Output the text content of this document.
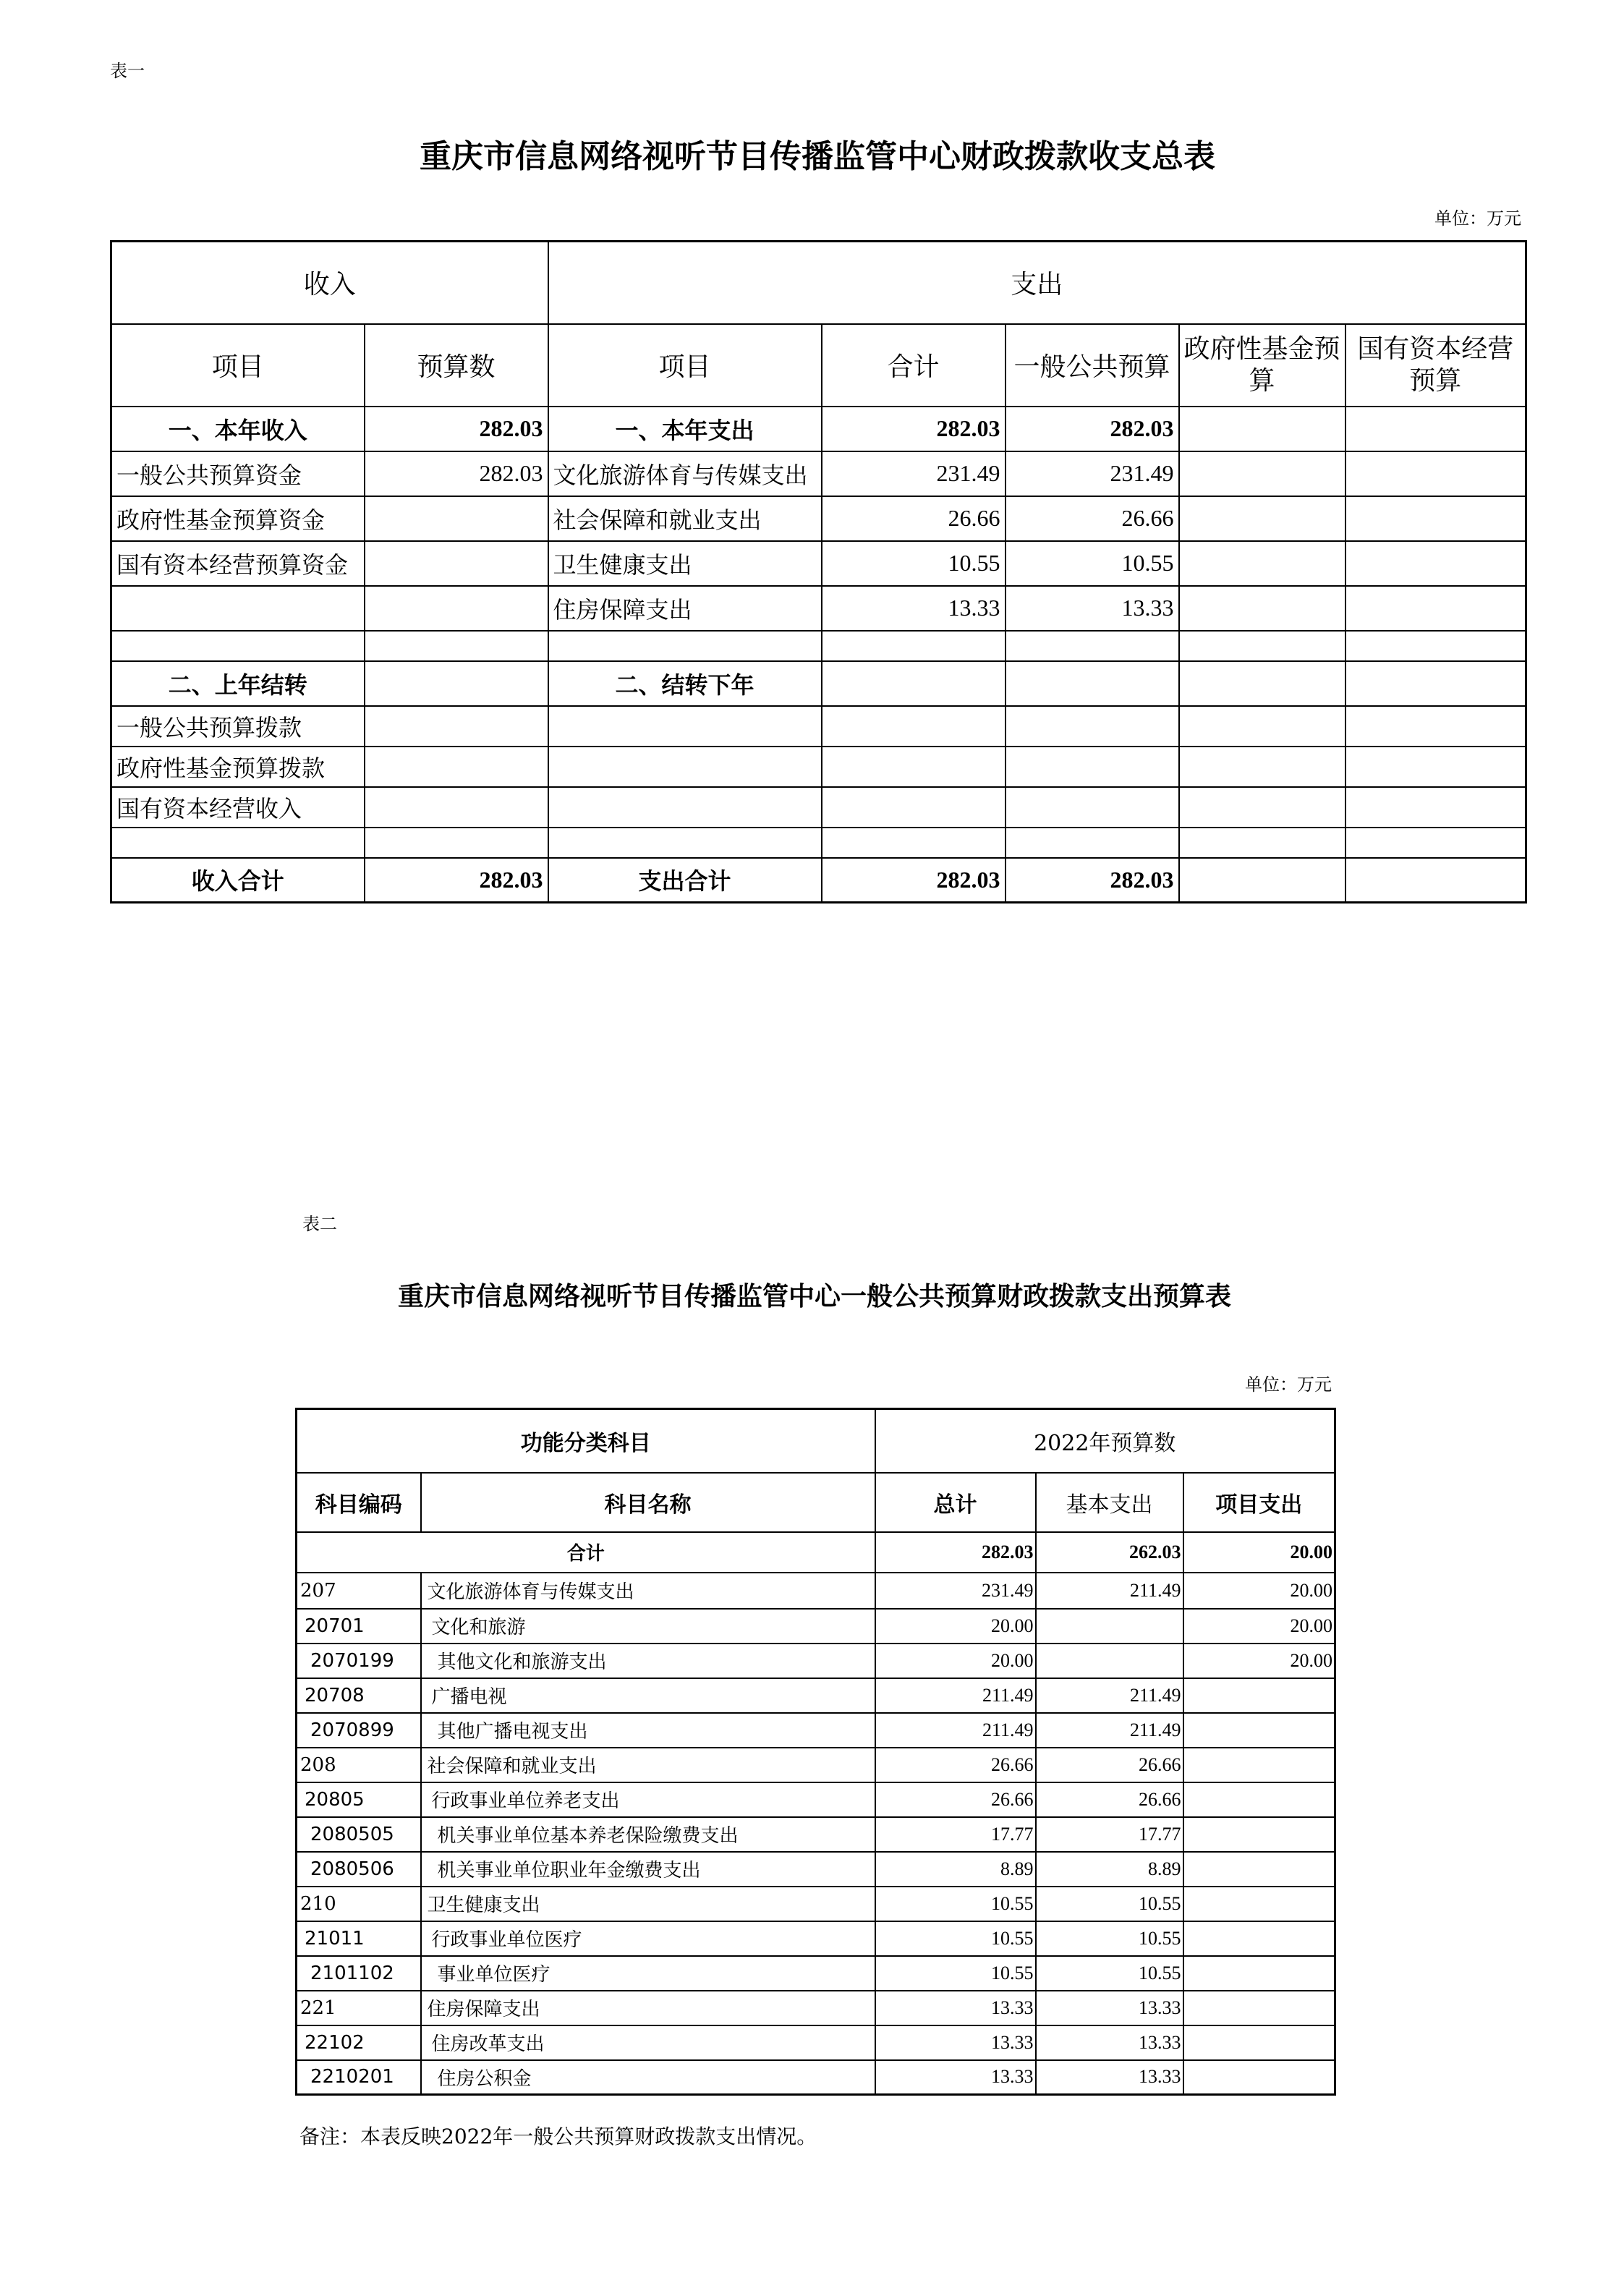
表一
重庆市信息网络视听节目传播监管中心财政拨款收支总表
单位：万元
收入		支出				
项目	预算数	项目	合计	一般公共预算	政府性基金预算	国有资本经营预算
一、本年收入	282.03	一、本年支出	282.03	282.03		
一般公共预算资金	282.03	文化旅游体育与传媒支出	231.49	231.49		
政府性基金预算资金		社会保障和就业支出	26.66	26.66		
国有资本经营预算资金		卫生健康支出	10.55	10.55		
		住房保障支出	13.33	13.33		

二、上年结转		二、结转下年				
一般公共预算拨款						
政府性基金预算拨款						
国有资本经营收入						

收入合计	282.03	支出合计	282.03	282.03		
表二
重庆市信息网络视听节目传播监管中心一般公共预算财政拨款支出预算表
单位：万元
功能分类科目		2022年预算数		
科目编码	科目名称	总计	基本支出	项目支出
合计		282.03	262.03	20.00
207	文化旅游体育与传媒支出	231.49	211.49	20.00
20701	文化和旅游	20.00		20.00
2070199	其他文化和旅游支出	20.00		20.00
20708	广播电视	211.49	211.49	
2070899	其他广播电视支出	211.49	211.49	
208	社会保障和就业支出	26.66	26.66	
20805	行政事业单位养老支出	26.66	26.66	
2080505	机关事业单位基本养老保险缴费支出	17.77	17.77	
2080506	机关事业单位职业年金缴费支出	8.89	8.89	
210	卫生健康支出	10.55	10.55	
21011	行政事业单位医疗	10.55	10.55	
2101102	事业单位医疗	10.55	10.55	
221	住房保障支出	13.33	13.33	
22102	住房改革支出	13.33	13.33	
2210201	住房公积金	13.33	13.33	
备注：本表反映2022年一般公共预算财政拨款支出情况。
